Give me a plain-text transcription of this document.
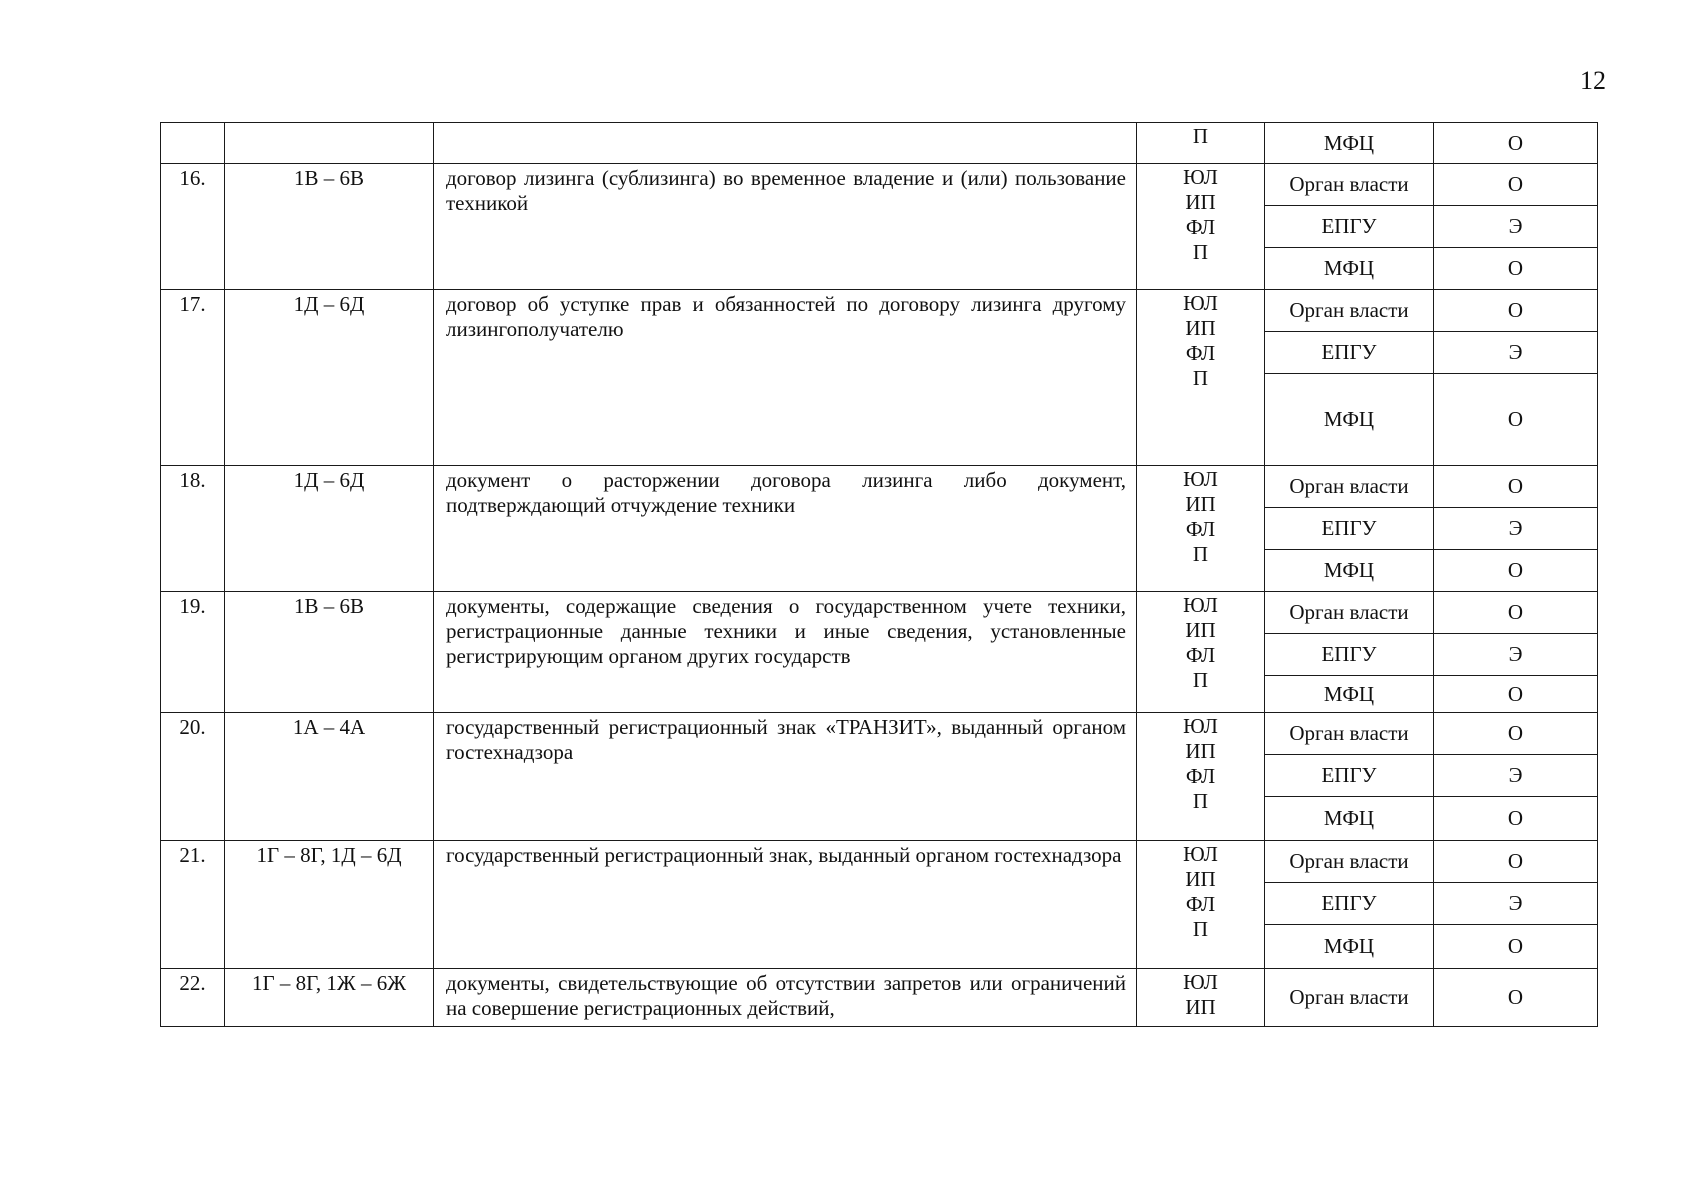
12
			П	МФЦ	О
16.	1В – 6В	договор лизинга (сублизинга) во временное владение и (или) пользование техникой	ЮЛ
ИП
ФЛ
П	Орган власти	О
				ЕПГУ	Э
				МФЦ	О
17.	1Д – 6Д	договор об уступке прав и обязанностей по договору лизинга другому лизингополучателю	ЮЛ
ИП
ФЛ
П	Орган власти	О
				ЕПГУ	Э
				МФЦ	О
18.	1Д – 6Д	документ о расторжении договора лизинга либо документ, подтверждающий отчуждение техники	ЮЛ
ИП
ФЛ
П	Орган власти	О
				ЕПГУ	Э
				МФЦ	О
19.	1В – 6В	документы, содержащие сведения о государственном учете техники, регистрационные данные техники и иные сведения, установленные регистрирующим органом других государств	ЮЛ
ИП
ФЛ
П	Орган власти	О
				ЕПГУ	Э
				МФЦ	О
20.	1А – 4А	государственный регистрационный знак «ТРАНЗИТ», выданный органом гостехнадзора	ЮЛ
ИП
ФЛ
П	Орган власти	О
				ЕПГУ	Э
				МФЦ	О
21.	1Г – 8Г, 1Д – 6Д	государственный регистрационный знак, выданный органом гостехнадзора	ЮЛ
ИП
ФЛ
П	Орган власти	О
				ЕПГУ	Э
				МФЦ	О
22.	1Г – 8Г, 1Ж – 6Ж	документы, свидетельствующие об отсутствии запретов или ограничений на совершение регистрационных действий,	ЮЛ
ИП	Орган власти	О
